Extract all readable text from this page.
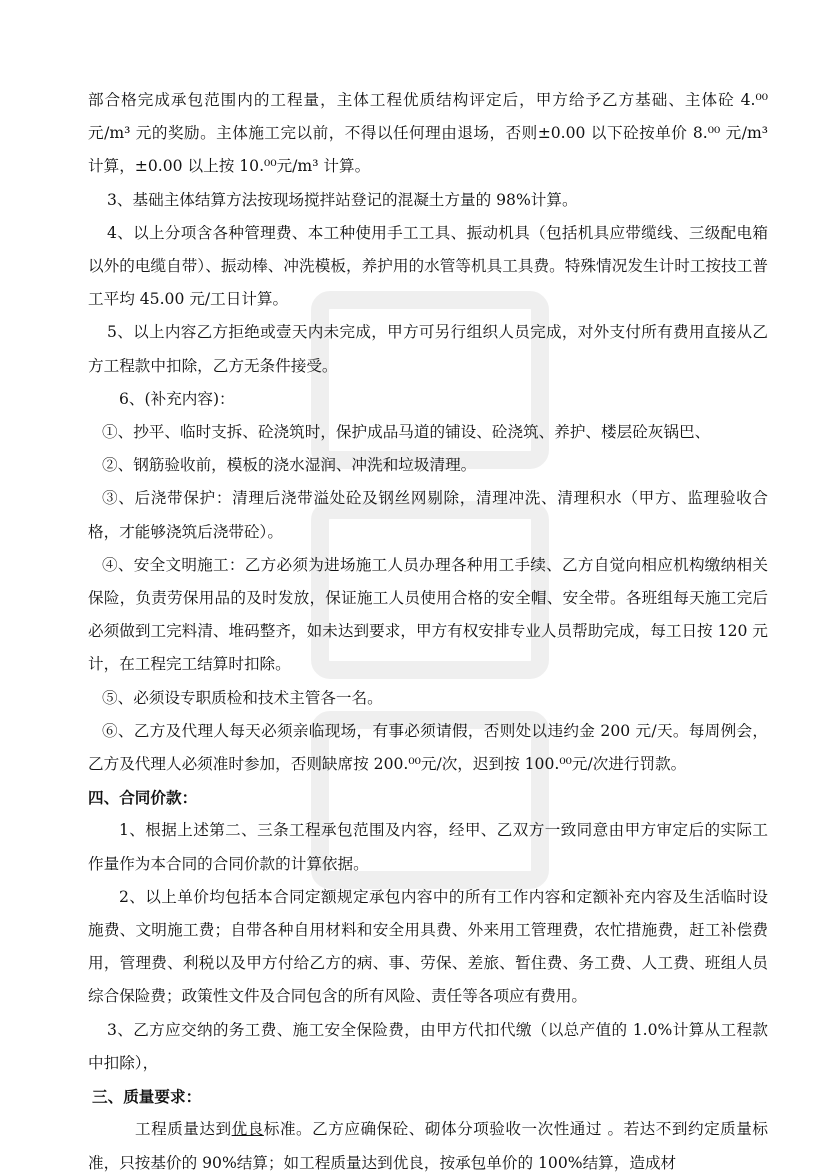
部合格完成承包范围内的工程量，主体工程优质结构评定后，甲方给予乙方基础、主体砼 4.⁰⁰元/m³ 元的奖励。主体施工完以前，不得以任何理由退场，否则±0.00 以下砼按单价 8.⁰⁰ 元/m³ 计算，±0.00 以上按 10.⁰⁰元/m³ 计算。

3、基础主体结算方法按现场搅拌站登记的混凝土方量的 98%计算。

4、以上分项含各种管理费、本工种使用手工工具、振动机具（包括机具应带缆线、三级配电箱以外的电缆自带）、振动棒、冲洗模板，养护用的水管等机具工具费。特殊情况发生计时工按技工普工平均 45.00 元/工日计算。

5、以上内容乙方拒绝或壹天内未完成，甲方可另行组织人员完成，对外支付所有费用直接从乙方工程款中扣除，乙方无条件接受。

6、(补充内容)：

①、抄平、临时支拆、砼浇筑时，保护成品马道的铺设、砼浇筑、养护、楼层砼灰锅巴、

②、钢筋验收前，模板的浇水湿润、冲洗和垃圾清理。

③、后浇带保护：清理后浇带溢处砼及钢丝网剔除，清理冲洗、清理积水（甲方、监理验收合格，才能够浇筑后浇带砼）。

④、安全文明施工：乙方必须为进场施工人员办理各种用工手续、乙方自觉向相应机构缴纳相关保险，负责劳保用品的及时发放，保证施工人员使用合格的安全帽、安全带。各班组每天施工完后必须做到工完料清、堆码整齐，如未达到要求，甲方有权安排专业人员帮助完成，每工日按 120 元计，在工程完工结算时扣除。

⑤、必须设专职质检和技术主管各一名。

⑥、乙方及代理人每天必须亲临现场，有事必须请假，否则处以违约金 200 元/天。每周例会，乙方及代理人必须准时参加，否则缺席按 200.⁰⁰元/次，迟到按 100.⁰⁰元/次进行罚款。

四、合同价款：

1、根据上述第二、三条工程承包范围及内容，经甲、乙双方一致同意由甲方审定后的实际工作量作为本合同的合同价款的计算依据。

2、以上单价均包括本合同定额规定承包内容中的所有工作内容和定额补充内容及生活临时设施费、文明施工费；自带各种自用材料和安全用具费、外来用工管理费，农忙措施费，赶工补偿费用，管理费、利税以及甲方付给乙方的病、事、劳保、差旅、暂住费、务工费、人工费、班组人员综合保险费；政策性文件及合同包含的所有风险、责任等各项应有费用。

3、乙方应交纳的务工费、施工安全保险费，由甲方代扣代缴（以总产值的 1.0%计算从工程款中扣除），

三、质量要求：

工程质量达到优良标准。乙方应确保砼、砌体分项验收一次性通过 。若达不到约定质量标准，只按基价的 90%结算；如工程质量达到优良，按承包单价的 100%结算，造成材
